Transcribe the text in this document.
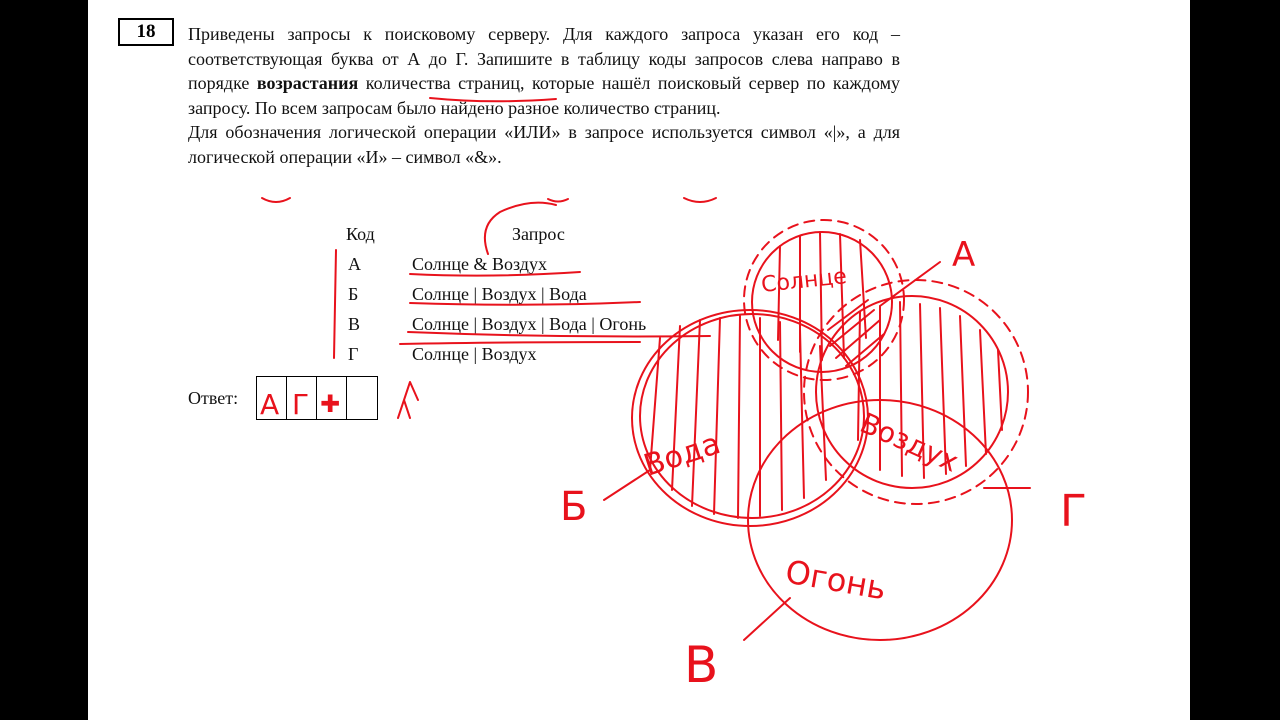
18	Приведены запросы к поисковому серверу. Для каждого запроса указан его код – соответствующая буква от А до Г. Запишите в таблицу коды запросов слева направо в порядке возрастания количества страниц, которые нашёл поисковый сервер по каждому запросу. По всем запросам было найдено разное количество страниц.

Для обозначения логической операции «ИЛИ» в запросе используется символ «|», а для логической операции «И» – символ «&».

Код	Запрос
А	Солнце & Воздух
Б	Солнце | Воздух | Вода
В	Солнце | Воздух | Вода | Огонь
Г	Солнце | Воздух
Ответ:
Солнце
Вода	Воздух
Огонь
А
Б
В
Г
А Г ✚
